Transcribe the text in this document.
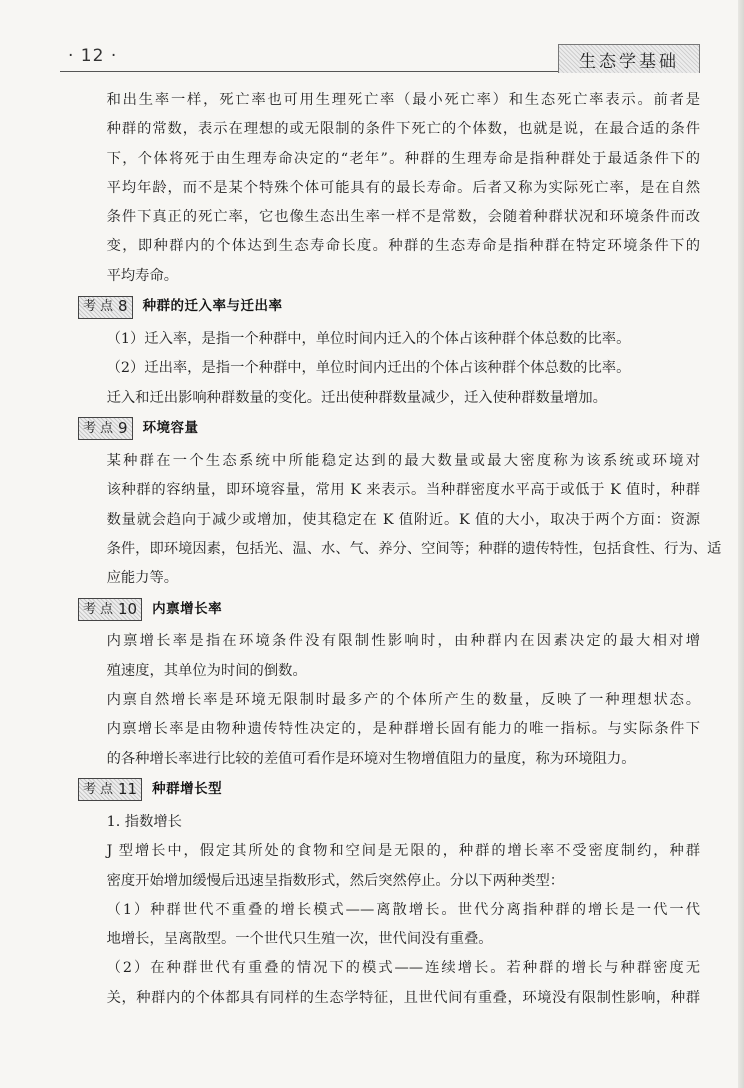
· 12 ·	生态学基础
和出生率一样，死亡率也可用生理死亡率（最小死亡率）和生态死亡率表示。前者是
种群的常数，表示在理想的或无限制的条件下死亡的个体数，也就是说，在最合适的条件
下，个体将死于由生理寿命决定的“老年”。种群的生理寿命是指种群处于最适条件下的
平均年龄，而不是某个特殊个体可能具有的最长寿命。后者又称为实际死亡率，是在自然
条件下真正的死亡率，它也像生态出生率一样不是常数，会随着种群状况和环境条件而改
变，即种群内的个体达到生态寿命长度。种群的生态寿命是指种群在特定环境条件下的
平均寿命。
考点 8 种群的迁入率与迁出率
（1）迁入率，是指一个种群中，单位时间内迁入的个体占该种群个体总数的比率。
（2）迁出率，是指一个种群中，单位时间内迁出的个体占该种群个体总数的比率。
迁入和迁出影响种群数量的变化。迁出使种群数量减少，迁入使种群数量增加。
考点 9 环境容量
某种群在一个生态系统中所能稳定达到的最大数量或最大密度称为该系统或环境对
该种群的容纳量，即环境容量，常用 K 来表示。当种群密度水平高于或低于 K 值时，种群
数量就会趋向于减少或增加，使其稳定在 K 值附近。K 值的大小，取决于两个方面：资源
条件，即环境因素，包括光、温、水、气、养分、空间等；种群的遗传特性，包括食性、行为、适
应能力等。
考点 10 内禀增长率
内禀增长率是指在环境条件没有限制性影响时，由种群内在因素决定的最大相对增
殖速度，其单位为时间的倒数。
内禀自然增长率是环境无限制时最多产的个体所产生的数量，反映了一种理想状态。
内禀增长率是由物种遗传特性决定的，是种群增长固有能力的唯一指标。与实际条件下
的各种增长率进行比较的差值可看作是环境对生物增值阻力的量度，称为环境阻力。
考点 11 种群增长型
1. 指数增长
J 型增长中，假定其所处的食物和空间是无限的，种群的增长率不受密度制约，种群
密度开始增加缓慢后迅速呈指数形式，然后突然停止。分以下两种类型：
（1）种群世代不重叠的增长模式——离散增长。世代分离指种群的增长是一代一代
地增长，呈离散型。一个世代只生殖一次，世代间没有重叠。
（2）在种群世代有重叠的情况下的模式——连续增长。若种群的增长与种群密度无
关，种群内的个体都具有同样的生态学特征，且世代间有重叠，环境没有限制性影响，种群
